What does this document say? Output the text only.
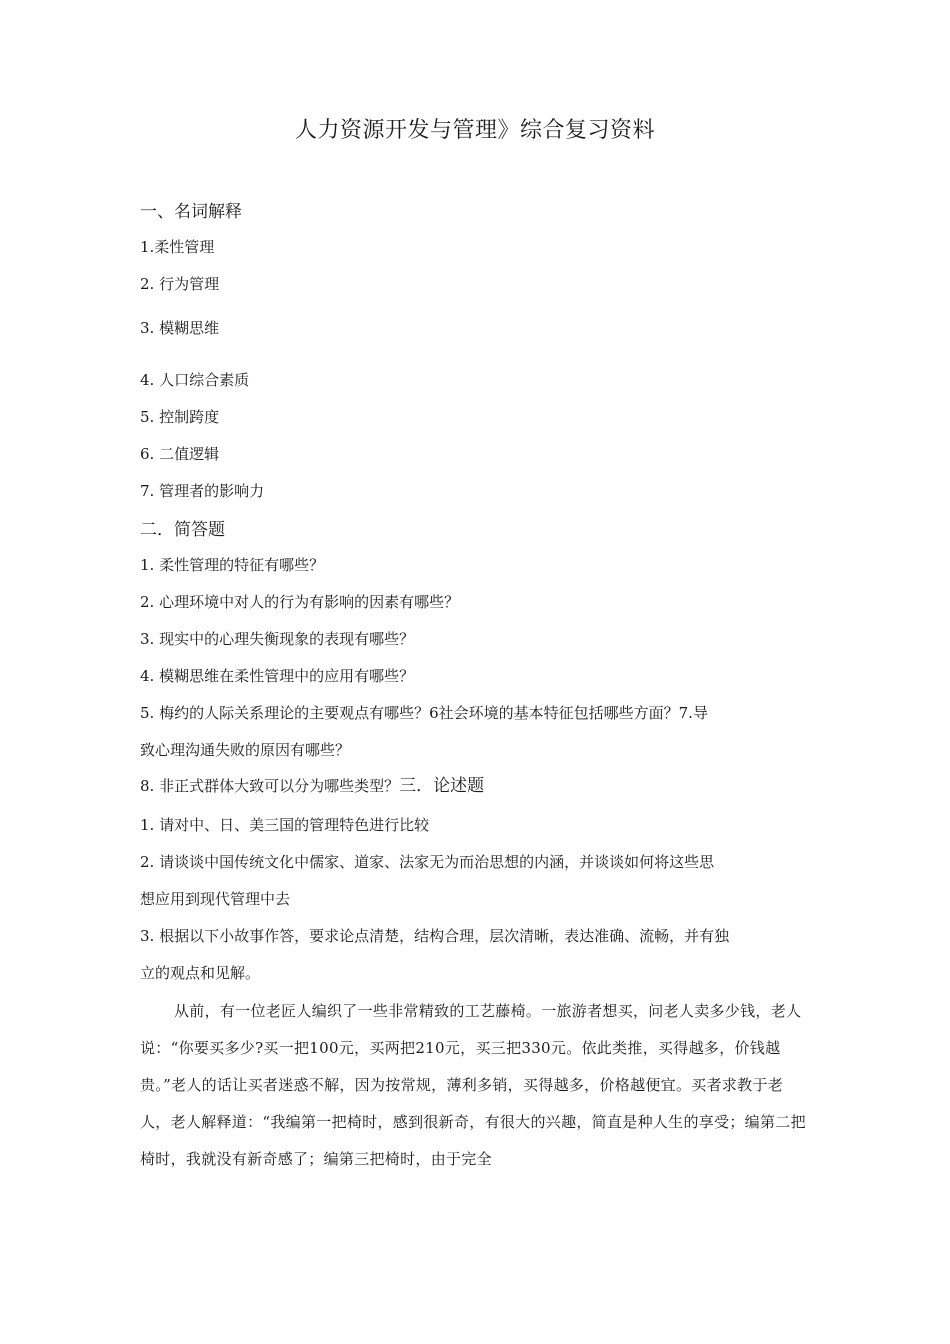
人力资源开发与管理》综合复习资料
一、名词解释
1.柔性管理
2. 行为管理
3. 模糊思维
4. 人口综合素质
5. 控制跨度
6. 二值逻辑
7. 管理者的影响力
二．简答题
1. 柔性管理的特征有哪些？
2. 心理环境中对人的行为有影响的因素有哪些？
3. 现实中的心理失衡现象的表现有哪些？
4. 模糊思维在柔性管理中的应用有哪些？
5. 梅约的人际关系理论的主要观点有哪些？6社会环境的基本特征包括哪些方面？7.导
致心理沟通失败的原因有哪些？
8. 非正式群体大致可以分为哪些类型？三．论述题
1. 请对中、日、美三国的管理特色进行比较
2. 请谈谈中国传统文化中儒家、道家、法家无为而治思想的内涵，并谈谈如何将这些思
想应用到现代管理中去
3. 根据以下小故事作答，要求论点清楚，结构合理，层次清晰，表达准确、流畅，并有独
立的观点和见解。
从前，有一位老匠人编织了一些非常精致的工艺藤椅。一旅游者想买，问老人卖多少钱，老人说：“你要买多少?买一把100元，买两把210元，买三把330元。依此类推，买得越多，价钱越贵。”老人的话让买者迷惑不解，因为按常规，薄利多销，买得越多，价格越便宜。买者求教于老人，老人解释道：“我编第一把椅时，感到很新奇，有很大的兴趣，简直是种人生的享受；编第二把椅时，我就没有新奇感了；编第三把椅时，由于完全
